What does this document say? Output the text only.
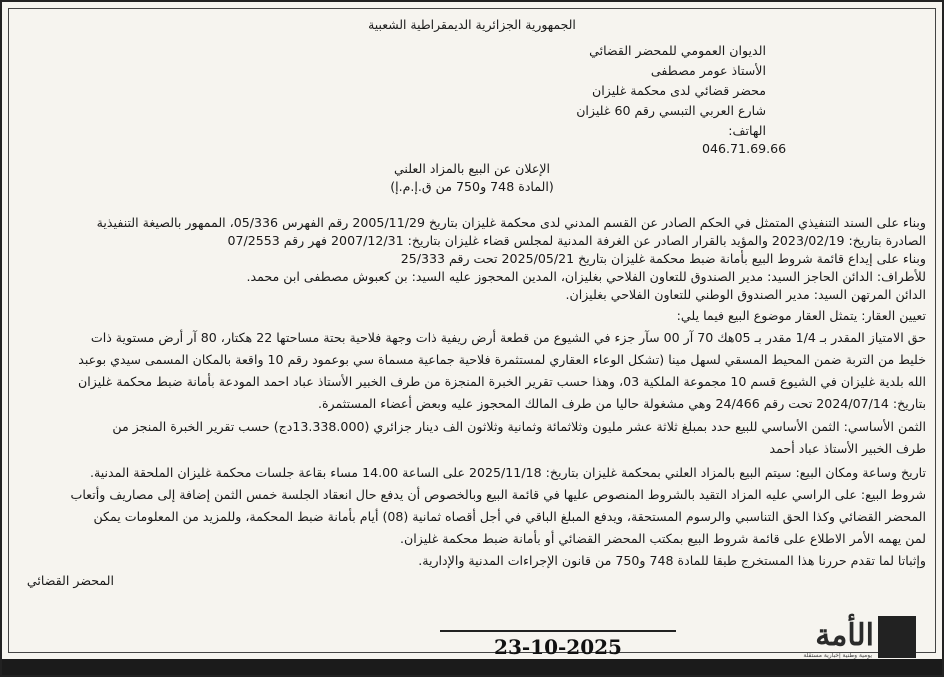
الجمهورية الجزائرية الديمقراطية الشعبية
الديوان العمومي للمحضر القضائي
الأستاذ عومر مصطفى
محضر قضائي لدى محكمة غليزان
شارع العربي التبسي رقم 60 غليزان
الهاتف:
046.71.69.66
الإعلان عن البيع بالمزاد العلني
(المادة 748 و750 من ق.إ.م.إ)
وبناء على السند التنفيذي المتمثل في الحكم الصادر عن القسم المدني لدى محكمة غليزان بتاريخ 2005/11/29 رقم الفهرس 05/336، الممهور بالصيغة التنفيذية
الصادرة بتاريخ: 2023/02/19 والمؤيد بالقرار الصادر عن الغرفة المدنية لمجلس قضاء غليزان بتاريخ: 2007/12/31 فهر رقم 07/2553
وبناء على إيداع قائمة شروط البيع بأمانة ضبط محكمة غليزان بتاريخ 2025/05/21 تحت رقم 25/333
للأطراف: الدائن الحاجز السيد: مدير الصندوق للتعاون الفلاحي بغليزان، المدين المحجوز عليه السيد: بن كعبوش مصطفى ابن محمد.
الدائن المرتهن السيد: مدير الصندوق الوطني للتعاون الفلاحي بغليزان.
تعيين العقار: يتمثل العقار موضوع البيع فيما يلي:
حق الامتياز المقدر بـ 1/4 مقدر بـ 05هك 70 آر 00 سآر جزء في الشيوع من قطعة أرض ريفية ذات وجهة فلاحية بحتة مساحتها 22 هكتار، 80 آر أرض مستوية ذات
خليط من التربة ضمن المحيط المسقي لسهل مينا (تشكل الوعاء العقاري لمستثمرة فلاحية جماعية مسماة سي بوعمود رقم 10 واقعة بالمكان المسمى سيدي بوعبد
الله بلدية غليزان في الشيوع قسم 10 مجموعة الملكية 03، وهذا حسب تقرير الخبرة المنجزة من طرف الخبير الأستاذ عباد احمد المودعة بأمانة ضبط محكمة غليزان
بتاريخ: 2024/07/14 تحت رقم 24/466 وهي مشغولة حاليا من طرف المالك المحجوز عليه وبعض أعضاء المستثمرة.
الثمن الأساسي: الثمن الأساسي للبيع حدد بمبلغ ثلاثة عشر مليون وثلاثمائة وثمانية وثلاثون الف دينار جزائري (13.338.000دج) حسب تقرير الخبرة المنجز من
طرف الخبير الأستاذ عباد أحمد
تاريخ وساعة ومكان البيع: سيتم البيع بالمزاد العلني بمحكمة غليزان بتاريخ: 2025/11/18 على الساعة 14.00 مساء بقاعة جلسات محكمة غليزان الملحقة المدنية.
شروط البيع: على الراسي عليه المزاد التقيد بالشروط المنصوص عليها في قائمة البيع وبالخصوص أن يدفع حال انعقاد الجلسة خمس الثمن إضافة إلى مصاريف وأتعاب
المحضر القضائي وكذا الحق التناسبي والرسوم المستحقة، ويدفع المبلغ الباقي في أجل أقصاه ثمانية (08) أيام بأمانة ضبط المحكمة، وللمزيد من المعلومات يمكن
لمن يهمه الأمر الاطلاع على قائمة شروط البيع بمكتب المحضر القضائي أو بأمانة ضبط محكمة غليزان.
وإثباتا لما تقدم حررنا هذا المستخرج طبقا للمادة 748 و750 من قانون الإجراءات المدنية والإدارية.
المحضر القضائي
23-10-2025	الأمة
يومية وطنية إخبارية مستقلة
